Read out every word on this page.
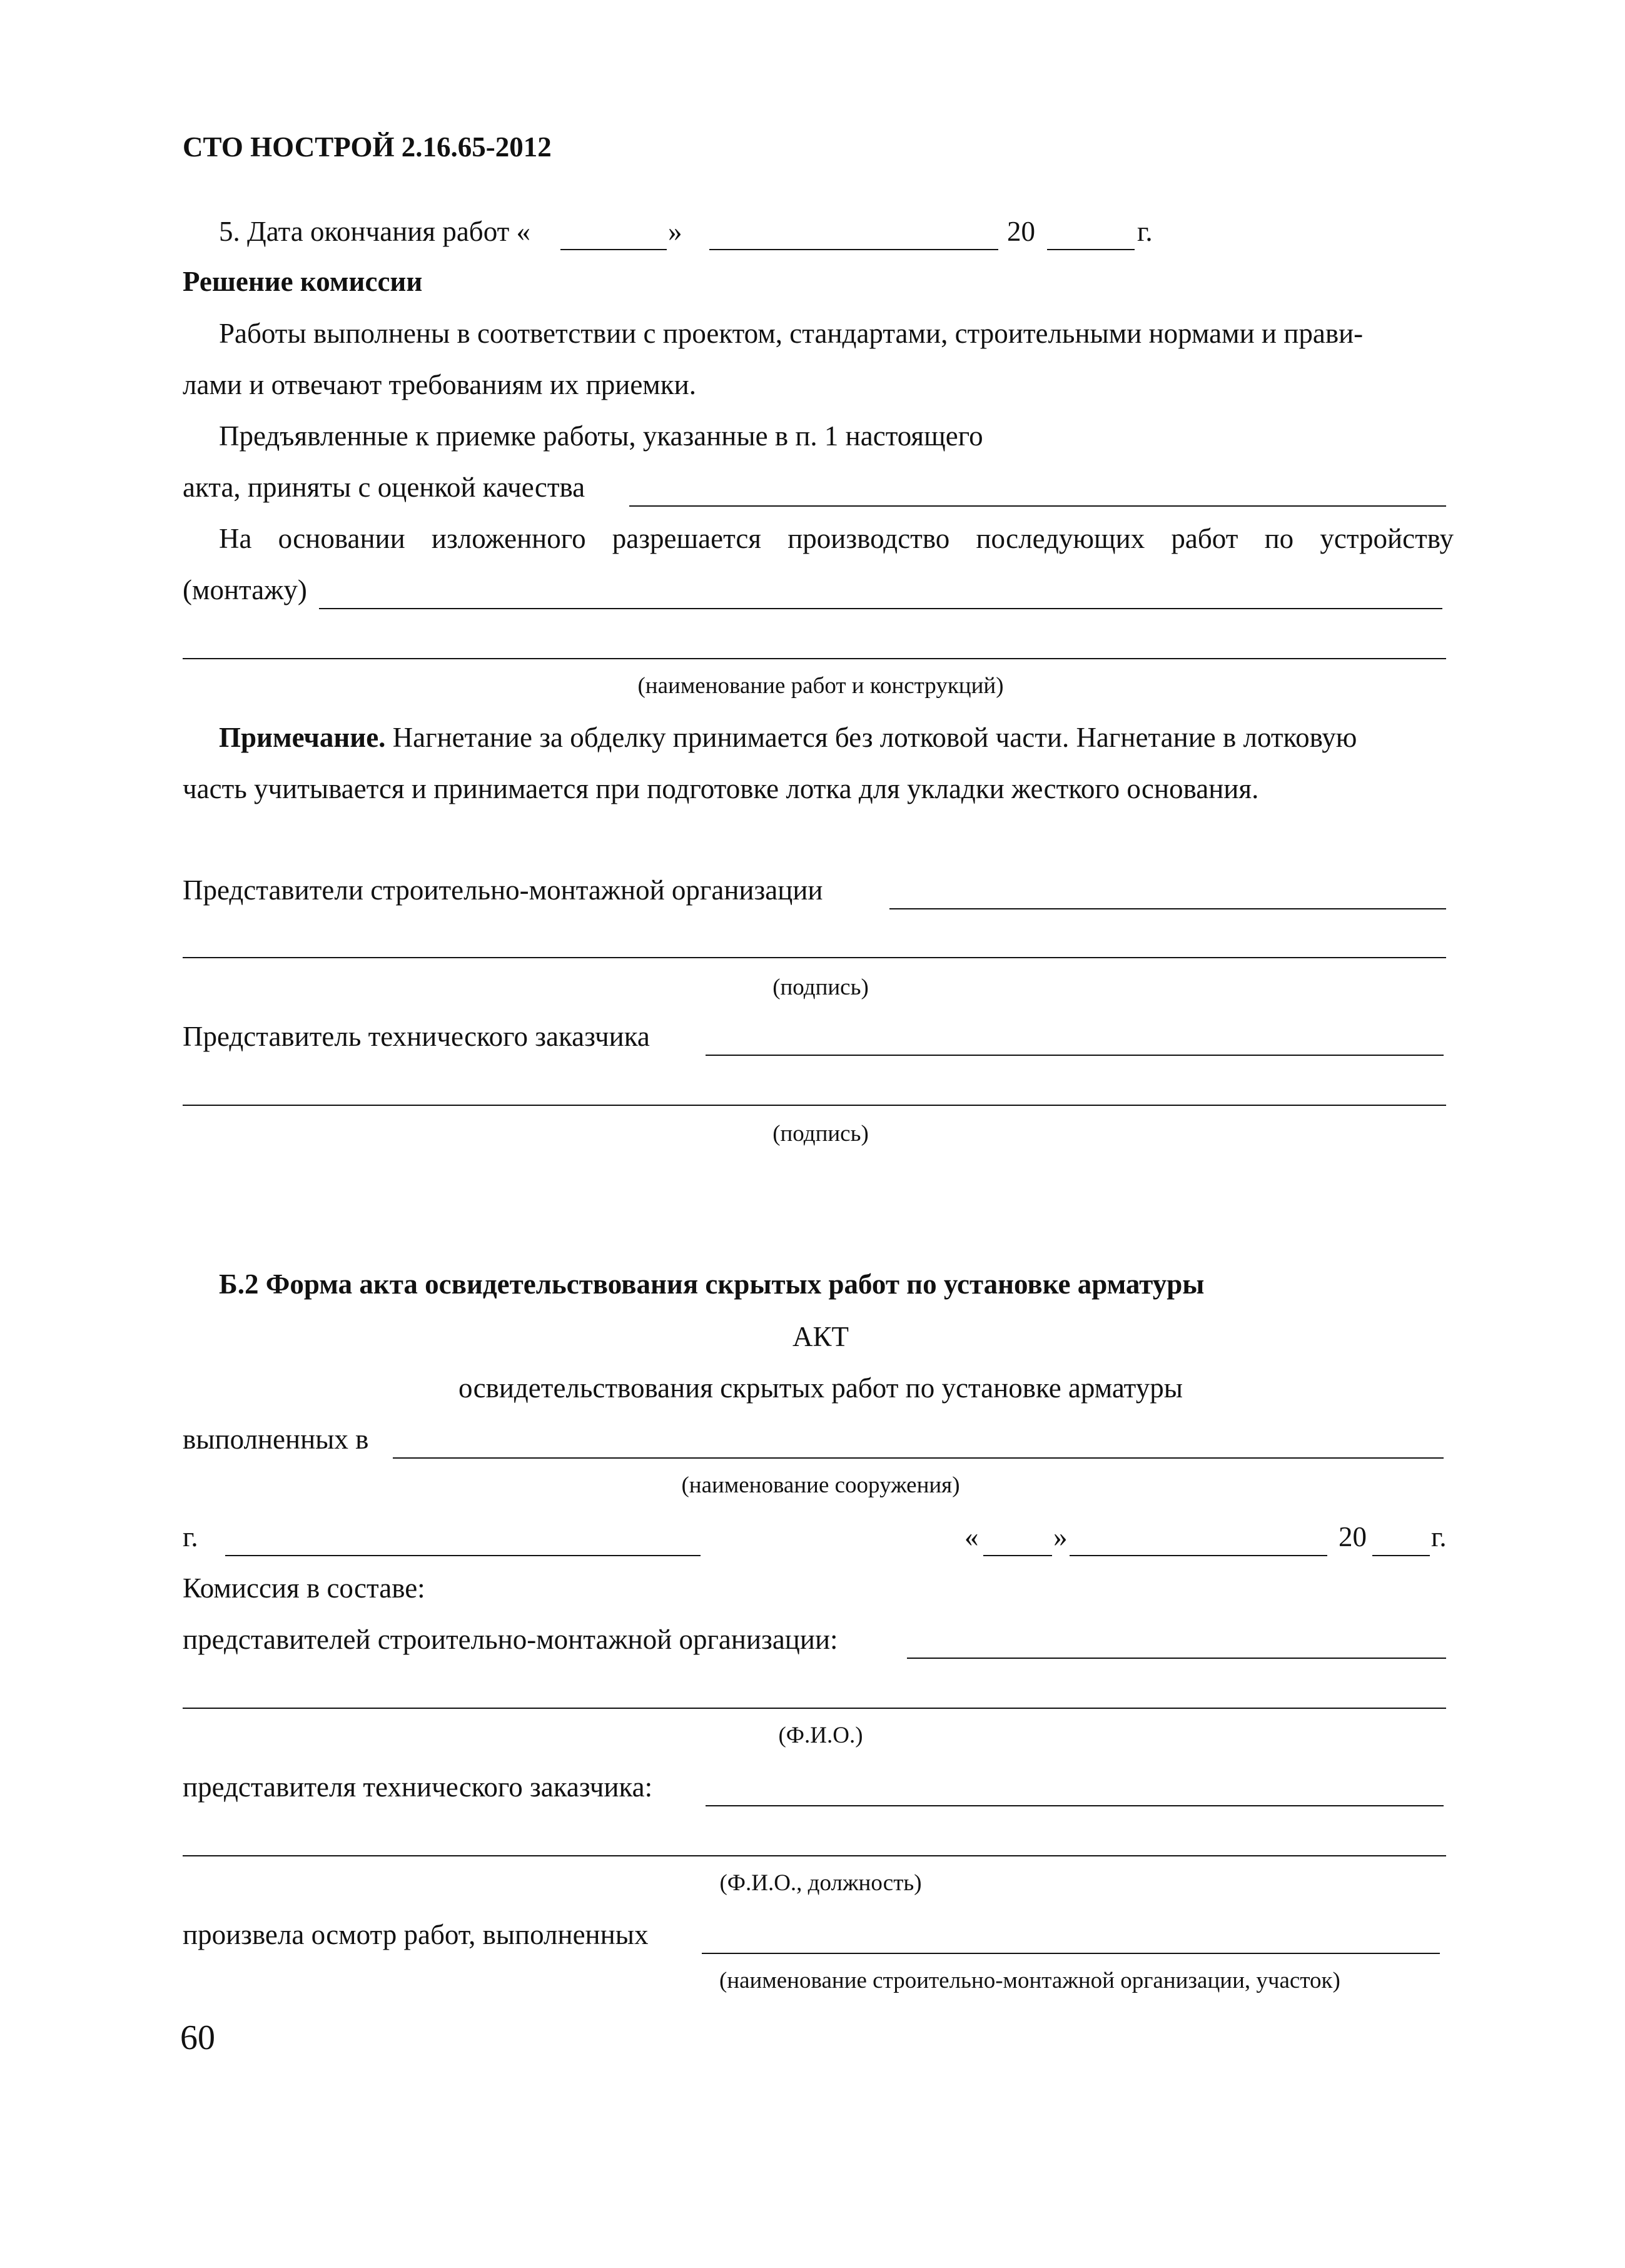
СТО НОСТРОЙ 2.16.65-2012
5. Дата окончания работ «	»	20	г.
Решение комиссии
Работы выполнены в соответствии с проектом, стандартами, строительными нормами и прави-
лами и отвечают требованиям их приемки.
Предъявленные к приемке работы, указанные в п. 1 настоящего
акта, приняты с оценкой качества
На основании изложенного разрешается производство последующих работ по устройству
(монтажу)
(наименование работ и конструкций)
Примечание. Нагнетание за обделку принимается без лотковой части. Нагнетание в лотковую
часть учитывается и принимается при подготовке лотка для укладки жесткого основания.
Представители строительно-монтажной организации
(подпись)
Представитель технического заказчика
(подпись)
Б.2 Форма акта освидетельствования скрытых работ по установке арматуры
АКТ
освидетельствования скрытых работ по установке арматуры
выполненных в
(наименование сооружения)
г.	«	»	20 г.
Комиссия в составе:
представителей строительно-монтажной организации:
(Ф.И.О.)
представителя технического заказчика:
(Ф.И.О., должность)
произвела осмотр работ, выполненных
(наименование строительно-монтажной организации, участок)
60
